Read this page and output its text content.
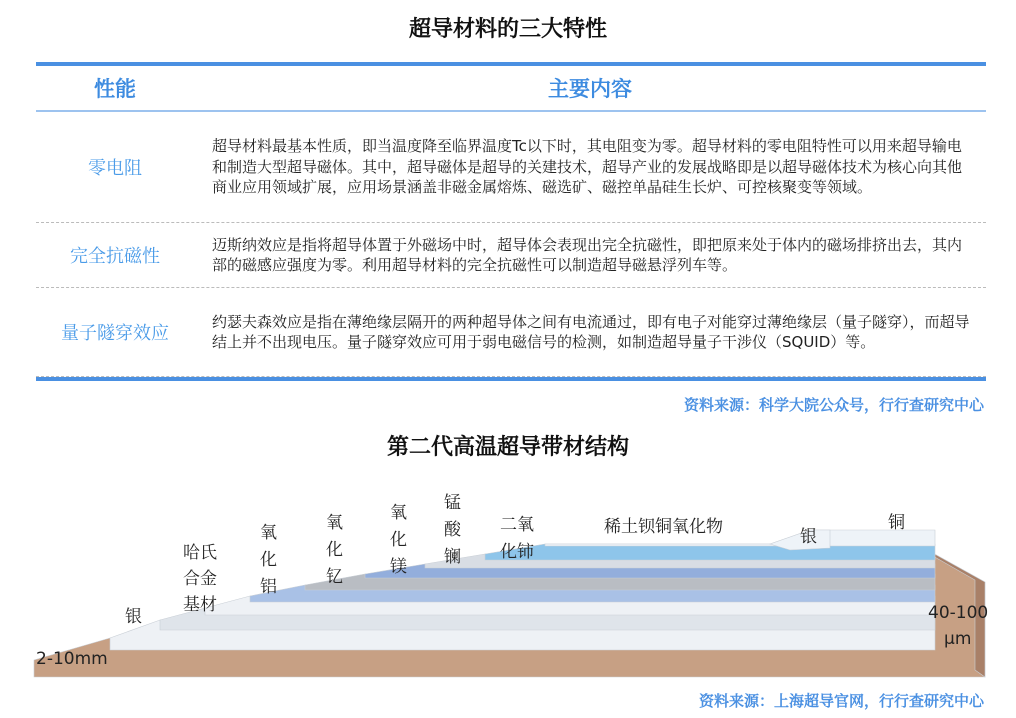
超导材料的三大特性
性能	主要内容
零电阻
超导材料最基本性质，即当温度降至临界温度Tc以下时，其电阻变为零。超导材料的零电阻特性可以用来超导输电和制造大型超导磁体。其中，超导磁体是超导的关建技术，超导产业的发展战略即是以超导磁体技术为核心向其他商业应用领域扩展，应用场景涵盖非磁金属熔炼、磁选矿、磁控单晶硅生长炉、可控核聚变等领域。
完全抗磁性
迈斯纳效应是指将超导体置于外磁场中时，超导体会表现出完全抗磁性，即把原来处于体内的磁场排挤出去，其内部的磁感应强度为零。利用超导材料的完全抗磁性可以制造超导磁悬浮列车等。
量子隧穿效应
约瑟夫森效应是指在薄绝缘层隔开的两种超导体之间有电流通过，即有电子对能穿过薄绝缘层（量子隧穿），而超导结上并不出现电压。量子隧穿效应可用于弱电磁信号的检测，如制造超导量子干涉仪（SQUID）等。
资料来源：科学大院公众号，行行查研究中心
第二代高温超导带材结构
银
哈氏
合金
基材
氧
化
铝
氧
化
钇
氧
化
镁
锰
酸
镧
二氧
化铈
稀土钡铜氧化物	银
铜
2-10mm
40-100
μm
资料来源：上海超导官网，行行查研究中心
